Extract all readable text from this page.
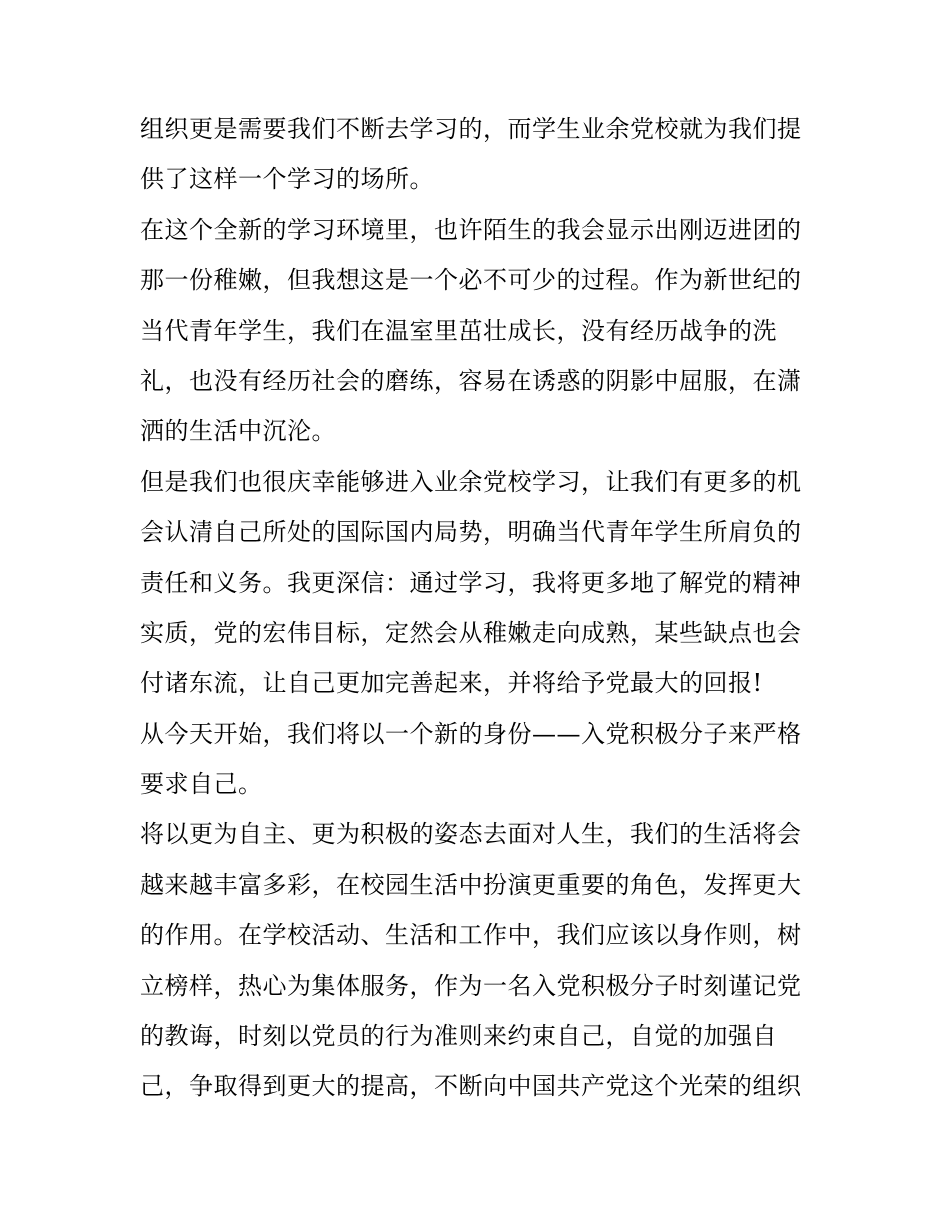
组织更是需要我们不断去学习的，而学生业余党校就为我们提
供了这样一个学习的场所。
在这个全新的学习环境里，也许陌生的我会显示出刚迈进团的
那一份稚嫩，但我想这是一个必不可少的过程。作为新世纪的
当代青年学生，我们在温室里茁壮成长，没有经历战争的洗
礼，也没有经历社会的磨练，容易在诱惑的阴影中屈服，在潇
洒的生活中沉沦。
但是我们也很庆幸能够进入业余党校学习，让我们有更多的机
会认清自己所处的国际国内局势，明确当代青年学生所肩负的
责任和义务。我更深信：通过学习，我将更多地了解党的精神
实质，党的宏伟目标，定然会从稚嫩走向成熟，某些缺点也会
付诸东流，让自己更加完善起来，并将给予党最大的回报!
从今天开始，我们将以一个新的身份——入党积极分子来严格
要求自己。
将以更为自主、更为积极的姿态去面对人生，我们的生活将会
越来越丰富多彩，在校园生活中扮演更重要的角色，发挥更大
的作用。在学校活动、生活和工作中，我们应该以身作则，树
立榜样，热心为集体服务，作为一名入党积极分子时刻谨记党
的教诲，时刻以党员的行为准则来约束自己，自觉的加强自
己，争取得到更大的提高，不断向中国共产党这个光荣的组织
